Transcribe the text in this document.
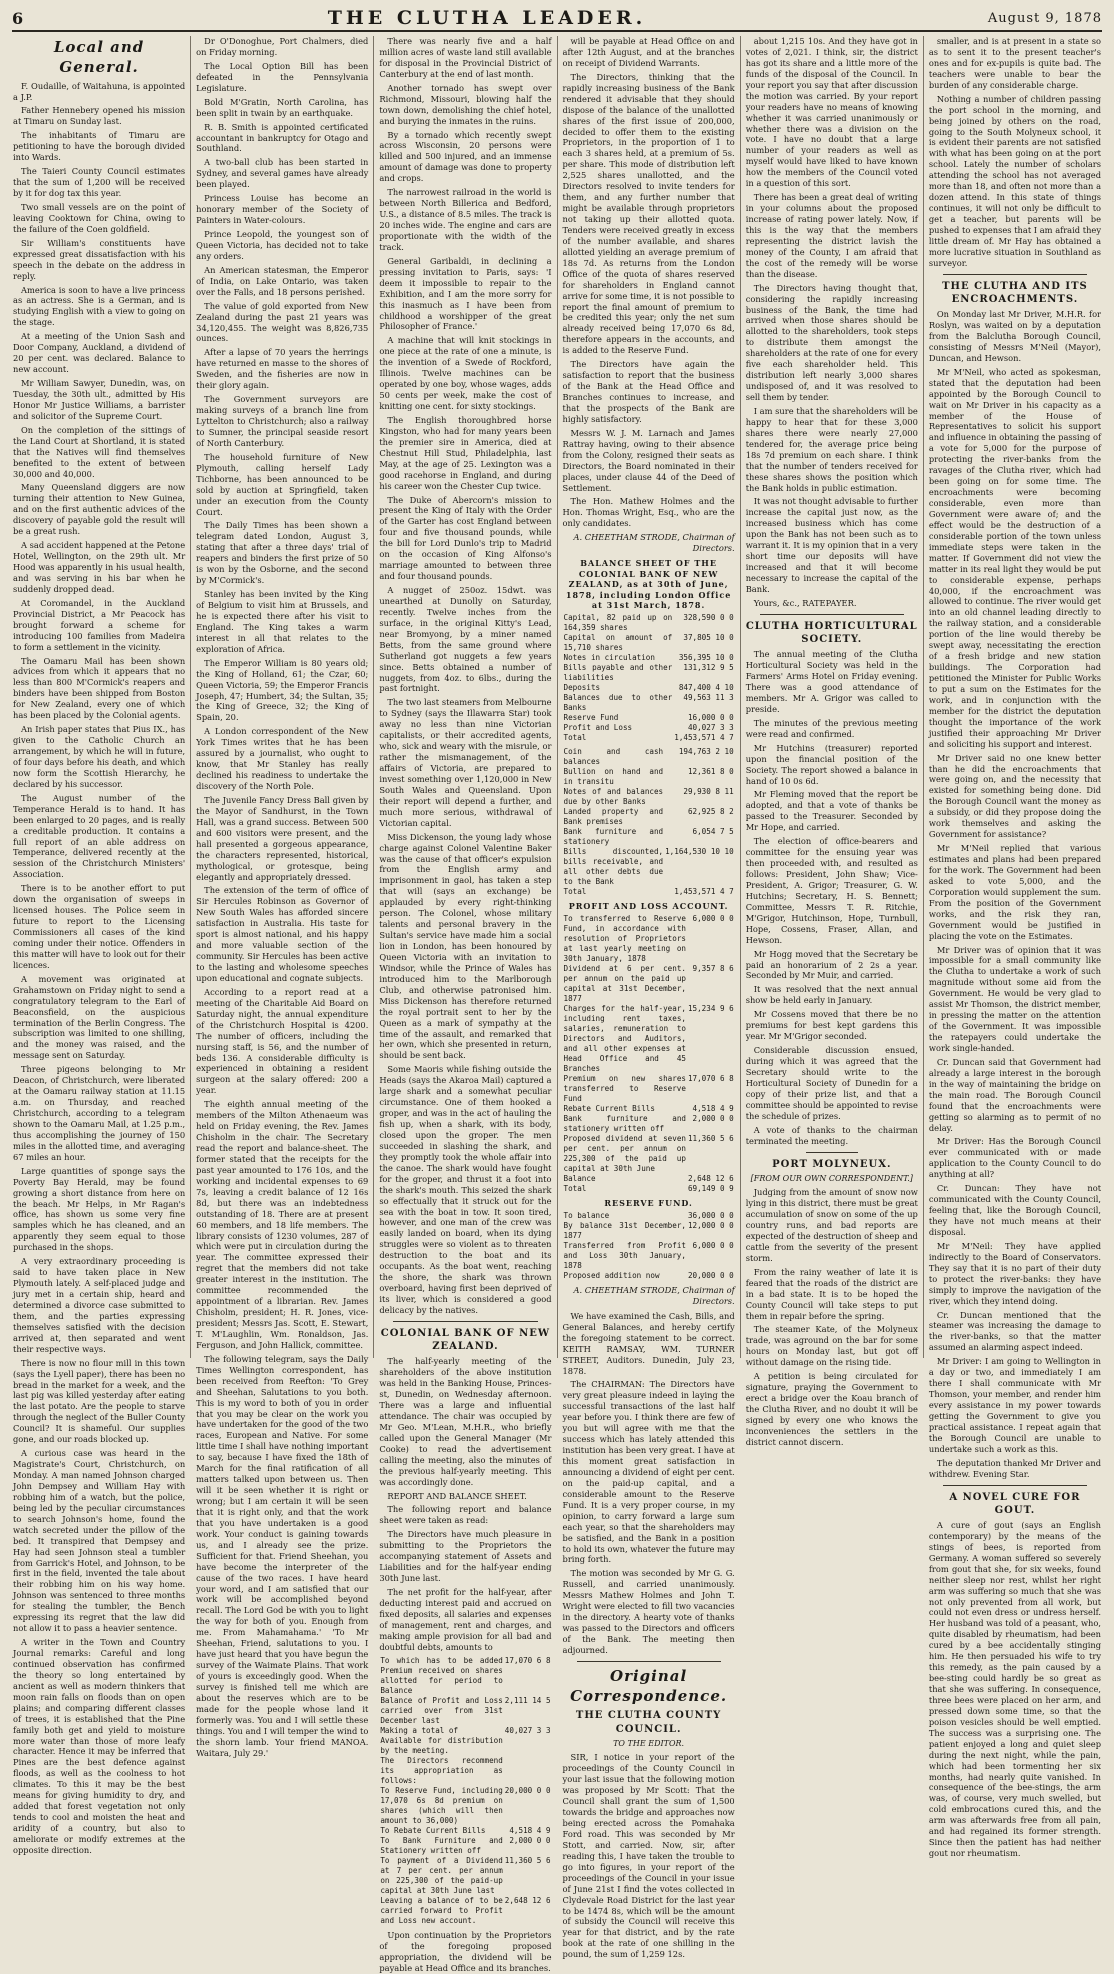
6	THE CLUTHA LEADER.	August 9, 1878
Local and General.

F. Oudaille, of Waitahuna, is appointed a J.P.

Father Hennebery opened his mission at Timaru on Sunday last.

The inhabitants of Timaru are petitioning to have the borough divided into Wards.

The Taieri County Council estimates that the sum of 1,200 will be received by it for dog tax this year.

Two small vessels are on the point of leaving Cooktown for China, owing to the failure of the Coen goldfield.

Sir William's constituents have expressed great dissatisfaction with his speech in the debate on the address in reply.

America is soon to have a live princess as an actress. She is a German, and is studying English with a view to going on the stage.

At a meeting of the Union Sash and Door Company, Auckland, a dividend of 20 per cent. was declared. Balance to new account.

Mr William Sawyer, Dunedin, was, on Tuesday, the 30th ult., admitted by His Honor Mr Justice Williams, a barrister and solicitor of the Supreme Court.

On the completion of the sittings of the Land Court at Shortland, it is stated that the Natives will find themselves benefited to the extent of between 30,000 and 40,000.

Many Queensland diggers are now turning their attention to New Guinea, and on the first authentic advices of the discovery of payable gold the result will be a great rush.

A sad accident happened at the Petone Hotel, Wellington, on the 29th ult. Mr Hood was apparently in his usual health, and was serving in his bar when he suddenly dropped dead.

At Coromandel, in the Auckland Provincial District, a Mr Peacock has brought forward a scheme for introducing 100 families from Madeira to form a settlement in the vicinity.

The Oamaru Mail has been shown advices from which it appears that no less than 800 M'Cormick's reapers and binders have been shipped from Boston for New Zealand, every one of which has been placed by the Colonial agents.

An Irish paper states that Pius IX., has given to the Catholic Church an arrangement, by which he will in future, of four days before his death, and which now form the Scottish Hierarchy, he declared by his successor.

The August number of the Temperance Herald is to hand. It has been enlarged to 20 pages, and is really a creditable production. It contains a full report of an able address on Temperance, delivered recently at the session of the Christchurch Ministers' Association.

There is to be another effort to put down the organisation of sweeps in licensed houses. The Police seem in future to report to the Licensing Commissioners all cases of the kind coming under their notice. Offenders in this matter will have to look out for their licences.

A movement was originated at Grahamstown on Friday night to send a congratulatory telegram to the Earl of Beaconsfield, on the auspicious termination of the Berlin Congress. The subscription was limited to one shilling, and the money was raised, and the message sent on Saturday.

Three pigeons belonging to Mr Deacon, of Christchurch, were liberated at the Oamaru railway station at 11.15 a.m. on Thursday, and reached Christchurch, according to a telegram shown to the Oamaru Mail, at 1.25 p.m., thus accomplishing the journey of 150 miles in the allotted time, and averaging 67 miles an hour.

Large quantities of sponge says the Poverty Bay Herald, may be found growing a short distance from here on the beach. Mr Helps, in Mr Ragan's office, has shown us some very fine samples which he has cleaned, and an apparently they seem equal to those purchased in the shops.

A very extraordinary proceeding is said to have taken place in New Plymouth lately. A self-placed judge and jury met in a certain ship, heard and determined a divorce case submitted to them, and the parties expressing themselves satisfied with the decision arrived at, then separated and went their respective ways.

There is now no flour mill in this town (says the Lyell paper), there has been no bread in the market for a week, and the last pig was killed yesterday after eating the last potato. Are the people to starve through the neglect of the Buller County Council? It is shameful. Our supplies gone, and our roads blocked up.

A curious case was heard in the Magistrate's Court, Christchurch, on Monday. A man named Johnson charged John Dempsey and William Hay with robbing him of a watch, but the police, being led by the peculiar circumstances to search Johnson's home, found the watch secreted under the pillow of the bed. It transpired that Dempsey and Hay had seen Johnson steal a tumbler from Garrick's Hotel, and Johnson, to be first in the field, invented the tale about their robbing him on his way home. Johnson was sentenced to three months for stealing the tumbler, the Bench expressing its regret that the law did not allow it to pass a heavier sentence.

A writer in the Town and Country Journal remarks: Careful and long continued observation has confirmed the theory so long entertained by ancient as well as modern thinkers that moon rain falls on floods than on open plains; and comparing different classes of trees, it is established that the Pine family both get and yield to moisture more water than those of more leafy character. Hence it may be inferred that Pines are the best defence against floods, as well as the coolness to hot climates. To this it may be the best means for giving humidity to dry, and added that forest vegetation not only tends to cool and moisten the heat and aridity of a country, but also to ameliorate or modify extremes at the opposite direction.

Dr O'Donoghue, Port Chalmers, died on Friday morning.

The Local Option Bill has been defeated in the Pennsylvania Legislature.

Bold M'Gratin, North Carolina, has been split in twain by an earthquake.

R. B. Smith is appointed certificated accountant in bankruptcy for Otago and Southland.

A two-ball club has been started in Sydney, and several games have already been played.

Princess Louise has become an honorary member of the Society of Painters in Water-colours.

Prince Leopold, the youngest son of Queen Victoria, has decided not to take any orders.

An American statesman, the Emperor of India, on Lake Ontario, was taken over the Falls, and 18 persons perished.

The value of gold exported from New Zealand during the past 21 years was 34,120,455. The weight was 8,826,735 ounces.

After a lapse of 70 years the herrings have returned en masse to the shores of Sweden, and the fisheries are now in their glory again.

The Government surveyors are making surveys of a branch line from Lyttelton to Christchurch; also a railway to Sumner, the principal seaside resort of North Canterbury.

The household furniture of New Plymouth, calling herself Lady Tichborne, has been announced to be sold by auction at Springfield, taken under an execution from the County Court.

The Daily Times has been shown a telegram dated London, August 3, stating that after a three days' trial of reapers and binders the first prize of 50 is won by the Osborne, and the second by M'Cormick's.

Stanley has been invited by the King of Belgium to visit him at Brussels, and he is expected there after his visit to England. The King takes a warm interest in all that relates to the exploration of Africa.

The Emperor William is 80 years old; the King of Holland, 61; the Czar, 60; Queen Victoria, 59; the Emperor Francis Joseph, 47; Humbert, 34; the Sultan, 35; the King of Greece, 32; the King of Spain, 20.

A London correspondent of the New York Times writes that he has been assured by a journalist, who ought to know, that Mr Stanley has really declined his readiness to undertake the discovery of the North Pole.

The Juvenile Fancy Dress Ball given by the Mayor of Sandhurst, in the Town Hall, was a grand success. Between 500 and 600 visitors were present, and the hall presented a gorgeous appearance, the characters represented, historical, mythological, or grotesque, being elegantly and appropriately dressed.

The extension of the term of office of Sir Hercules Robinson as Governor of New South Wales has afforded sincere satisfaction in Australia. His taste for sport is almost national, and his happy and more valuable section of the community. Sir Hercules has been active to the lasting and wholesome speeches upon educational and cognate subjects.

According to a report read at a meeting of the Charitable Aid Board on Saturday night, the annual expenditure of the Christchurch Hospital is 4200. The number of officers, including the nursing staff, is 56, and the number of beds 136. A considerable difficulty is experienced in obtaining a resident surgeon at the salary offered: 200 a year.

The eighth annual meeting of the members of the Milton Athenaeum was held on Friday evening, the Rev. James Chisholm in the chair. The Secretary read the report and balance-sheet. The former stated that the receipts for the past year amounted to 176 10s, and the working and incidental expenses to 69 7s, leaving a credit balance of 12 16s 8d, but there was an indebtedness outstanding of 18. There are at present 60 members, and 18 life members. The library consists of 1230 volumes, 287 of which were put in circulation during the year. The committee expressed their regret that the members did not take greater interest in the institution. The committee recommended the appointment of a librarian. Rev. James Chisholm, president; H. R. Jones, vice-president; Messrs Jas. Scott, E. Stewart, T. M'Laughlin, Wm. Ronaldson, Jas. Ferguson, and John Hallick, committee.

The following telegram, says the Daily Times Wellington correspondent, has been received from Reefton: 'To Grey and Sheehan, Salutations to you both. This is my word to both of you in order that you may be clear on the work you have undertaken for the good of the two races, European and Native. For some little time I shall have nothing important to say, because I have fixed the 18th of March for the final ratification of all matters talked upon between us. Then will it be seen whether it is right or wrong; but I am certain it will be seen that it is right only, and that the work that you have undertaken is a good work. Your conduct is gaining towards us, and I already see the prize. Sufficient for that. Friend Sheehan, you have become the interpreter of the cause of the two races. I have heard your word, and I am satisfied that our work will be accomplished beyond recall. The Lord God be with you to light the way for both of you. Enough from me. From Mahamahama.' 'To Mr Sheehan, Friend, salutations to you. I have just heard that you have begun the survey of the Waimate Plains. That work of yours is exceedingly good. When the survey is finished tell me which are about the reserves which are to be made for the people whose land it formerly was. You and I will settle these things. You and I will temper the wind to the shorn lamb. Your friend MANOA. Waitara, July 29.'

There was nearly five and a half million acres of waste land still available for disposal in the Provincial District of Canterbury at the end of last month.

Another tornado has swept over Richmond, Missouri, blowing half the town down, demolishing the chief hotel, and burying the inmates in the ruins.

By a tornado which recently swept across Wisconsin, 20 persons were killed and 500 injured, and an immense amount of damage was done to property and crops.

The narrowest railroad in the world is between North Billerica and Bedford, U.S., a distance of 8.5 miles. The track is 20 inches wide. The engine and cars are proportionate with the width of the track.

General Garibaldi, in declining a pressing invitation to Paris, says: 'I deem it impossible to repair to the Exhibition, and I am the more sorry for this inasmuch as I have been from childhood a worshipper of the great Philosopher of France.'

A machine that will knit stockings in one piece at the rate of one a minute, is the invention of a Swede of Rockford, Illinois. Twelve machines can be operated by one boy, whose wages, adds 50 cents per week, make the cost of knitting one cent. for sixty stockings.

The English thoroughbred horse Kingston, who had for many years been the premier sire in America, died at Chestnut Hill Stud, Philadelphia, last May, at the age of 25. Lexington was a good racehorse in England, and during his career won the Chester Cup twice.

The Duke of Abercorn's mission to present the King of Italy with the Order of the Garter has cost England between four and five thousand pounds, while the bill for Lord Dunlo's trip to Madrid on the occasion of King Alfonso's marriage amounted to between three and four thousand pounds.

A nugget of 250oz. 15dwt. was unearthed at Dunolly on Saturday, recently. Twelve inches from the surface, in the original Kitty's Lead, near Bromyong, by a miner named Betts, from the same ground where Sutherland got nuggets a few years since. Betts obtained a number of nuggets, from 4oz. to 6lbs., during the past fortnight.

The two last steamers from Melbourne to Sydney (says the Illawarra Star) took away no less than nine Victorian capitalists, or their accredited agents, who, sick and weary with the misrule, or rather the mismanagement, of the affairs of Victoria, are prepared to invest something over 1,120,000 in New South Wales and Queensland. Upon their report will depend a further, and much more serious, withdrawal of Victorian capital.

Miss Dickenson, the young lady whose charge against Colonel Valentine Baker was the cause of that officer's expulsion from the English army and imprisonment in gaol, has taken a step that will (says an exchange) be applauded by every right-thinking person. The Colonel, whose military talents and personal bravery in the Sultan's service have made him a social lion in London, has been honoured by Queen Victoria with an invitation to Windsor, while the Prince of Wales has introduced him to the Marlborough Club, and otherwise patronised him. Miss Dickenson has therefore returned the royal portrait sent to her by the Queen as a mark of sympathy at the time of the assault, and remarked that her own, which she presented in return, should be sent back.

Some Maoris while fishing outside the Heads (says the Akaroa Mail) captured a large shark and a somewhat peculiar circumstance. One of them hooked a groper, and was in the act of hauling the fish up, when a shark, with its body, closed upon the groper. The men succeeded in slashing the shark, and they promptly took the whole affair into the canoe. The shark would have fought for the groper, and thrust it a foot into the shark's mouth. This seized the shark so effectually that it struck out for the sea with the boat in tow. It soon tired, however, and one man of the crew was easily landed on board, when its dying struggles were so violent as to threaten destruction to the boat and its occupants. As the boat went, reaching the shore, the shark was thrown overboard, having first been deprived of its liver, which is considered a good delicacy by the natives.

COLONIAL BANK OF NEW ZEALAND.

The half-yearly meeting of the shareholders of the above institution was held in the Banking House, Princes-st, Dunedin, on Wednesday afternoon. There was a large and influential attendance. The chair was occupied by Mr Geo. M'Lean, M.H.R., who briefly called upon the General Manager (Mr Cooke) to read the advertisement calling the meeting, also the minutes of the previous half-yearly meeting. This was accordingly done.

REPORT AND BALANCE SHEET.

The following report and balance sheet were taken as read:

The Directors have much pleasure in submitting to the Proprietors the accompanying statement of Assets and Liabilities and for the half-year ending 30th June last.

The net profit for the half-year, after deducting interest paid and accrued on fixed deposits, all salaries and expenses of management, rent and charges, and making ample provision for all bad and doubtful debts, amounts to

To which has to be added Premium received on shares allotted for period to Balance	17,070 6 8
Balance of Profit and Loss carried over from 31st December last	2,111 14 5
Making a total of	40,027 3 3
Available for distribution by the meeting.	
The Directors recommend its appropriation as follows:	
To Reserve Fund, including 17,070 6s 8d premium on shares (which will then amount to 36,000)	20,000 0 0
To Rebate Current Bills	4,518 4 9
To Bank Furniture and Stationery written off	2,000 0 0
To payment of a Dividend at 7 per cent. per annum on 225,300 of the paid-up capital at 30th June last	11,360 5 6
Leaving a balance of to be carried forward to Profit and Loss new account.	2,648 12 6

Upon continuation by the Proprietors of the foregoing proposed appropriation, the dividend will be payable at Head Office and its branches.

will be payable at Head Office on and after 12th August, and at the branches on receipt of Dividend Warrants.

The Directors, thinking that the rapidly increasing business of the Bank rendered it advisable that they should dispose of the balance of the unallotted shares of the first issue of 200,000, decided to offer them to the existing Proprietors, in the proportion of 1 to each 3 shares held, at a premium of 5s. per share. This mode of distribution left 2,525 shares unallotted, and the Directors resolved to invite tenders for them, and any further number that might be available through proprietors not taking up their allotted quota. Tenders were received greatly in excess of the number available, and shares allotted yielding an average premium of 18s 7d. As returns from the London Office of the quota of shares reserved for shareholders in England cannot arrive for some time, it is not possible to report the final amount of premium to be credited this year; only the net sum already received being 17,070 6s 8d, therefore appears in the accounts, and is added to the Reserve Fund.

The Directors have again the satisfaction to report that the business of the Bank at the Head Office and Branches continues to increase, and that the prospects of the Bank are highly satisfactory.

Messrs W. J. M. Larnach and James Rattray having, owing to their absence from the Colony, resigned their seats as Directors, the Board nominated in their places, under clause 44 of the Deed of Settlement.

The Hon. Mathew Holmes and the Hon. Thomas Wright, Esq., who are the only candidates.

A. CHEETHAM STRODE, Chairman of Directors.
BALANCE SHEET OF THE COLONIAL BANK OF NEW ZEALAND, as at 30th of June, 1878, including London Office at 31st March, 1878.
Capital, 82 paid up on 164,359 shares	328,590 0 0
Capital on amount of 15,710 shares	37,805 10 0
Notes in circulation	356,395 10 0
Bills payable and other liabilities	131,312 9 5
Deposits	847,400 4 10
Balances due to other Banks	49,563 11 3
Reserve Fund	16,000 0 0
Profit and Loss	40,027 3 3
Total	1,453,571 4 7
Coin and cash balances	194,763 2 10
Bullion on hand and in transitu	12,361 8 0
Notes of and balances due by other Banks	29,930 8 11
Landed property and Bank premises	62,925 8 2
Bank furniture and stationery	6,054 7 5
Bills discounted, bills receivable, and all other debts due to the Bank	1,164,530 10 10
Total	1,453,571 4 7
PROFIT AND LOSS ACCOUNT.
To transferred to Reserve Fund, in accordance with resolution of Proprietors at last yearly meeting on 30th January, 1878	6,000 0 0
Dividend at 6 per cent. per annum on the paid up capital at 31st December, 1877	9,357 8 6
Charges for the half-year, including rent taxes, salaries, remuneration to Directors and Auditors, and all other expenses at Head Office and 45 Branches	15,234 9 6
Premium on new shares transferred to Reserve Fund	17,070 6 8
Rebate Current Bills	4,518 4 9
Bank furniture and stationery written off	2,000 0 0
Proposed dividend at seven per cent. per annum on 225,300 of the paid up capital at 30th June	11,360 5 6
Balance	2,648 12 6
Total	69,149 0 9
RESERVE FUND.
To balance	36,000 0 0
By balance 31st December, 1877	12,000 0 0
Transferred from Profit and Loss 30th January, 1878	6,000 0 0
Proposed addition now	20,000 0 0
A. CHEETHAM STRODE, Chairman of Directors.

We have examined the Cash, Bills, and General Balances, and hereby certify the foregoing statement to be correct. KEITH RAMSAY, WM. TURNER STREET, Auditors. Dunedin, July 23, 1878.

The CHAIRMAN: The Directors have very great pleasure indeed in laying the successful transactions of the last half year before you. I think there are few of you but will agree with me that the success which has lately attended this institution has been very great. I have at this moment great satisfaction in announcing a dividend of eight per cent. on the paid-up capital, and a considerable amount to the Reserve Fund. It is a very proper course, in my opinion, to carry forward a large sum each year, so that the shareholders may be satisfied, and the Bank in a position to hold its own, whatever the future may bring forth.

The motion was seconded by Mr G. G. Russell, and carried unanimously. Messrs Mathew Holmes and John T. Wright were elected to fill two vacancies in the directory. A hearty vote of thanks was passed to the Directors and officers of the Bank. The meeting then adjourned.

Original Correspondence.
THE CLUTHA COUNTY COUNCIL.
TO THE EDITOR.

SIR, I notice in your report of the proceedings of the County Council in your last issue that the following motion was proposed by Mr Scott: That the Council shall grant the sum of 1,500 towards the bridge and approaches now being erected across the Pomahaka Ford road. This was seconded by Mr Stott, and carried. Now, sir, after reading this, I have taken the trouble to go into figures, in your report of the proceedings of the Council in your issue of June 21st I find the votes collected in Clydevale Road District for the last year to be 1474 8s, which will be the amount of subsidy the Council will receive this year for that district, and by the rate book at the rate of one shilling in the pound, the sum of 1,259 12s.

about 1,215 10s. And they have got in votes of 2,021. I think, sir, the district has got its share and a little more of the funds of the disposal of the Council. In your report you say that after discussion the motion was carried. By your report your readers have no means of knowing whether it was carried unanimously or whether there was a division on the vote. I have no doubt that a large number of your readers as well as myself would have liked to have known how the members of the Council voted in a question of this sort.

There has been a great deal of writing in your columns about the proposed increase of rating power lately. Now, if this is the way that the members representing the district lavish the money of the County, I am afraid that the cost of the remedy will be worse than the disease.

The Directors having thought that, considering the rapidly increasing business of the Bank, the time had arrived when those shares should be allotted to the shareholders, took steps to distribute them amongst the shareholders at the rate of one for every five each shareholder held. This distribution left nearly 3,000 shares undisposed of, and it was resolved to sell them by tender.

I am sure that the shareholders will be happy to hear that for these 3,000 shares there were nearly 27,000 tendered for, the average price being 18s 7d premium on each share. I think that the number of tenders received for these shares shows the position which the Bank holds in public estimation.

It was not thought advisable to further increase the capital just now, as the increased business which has come upon the Bank has not been such as to warrant it. It is my opinion that in a very short time our deposits will have increased and that it will become necessary to increase the capital of the Bank.

Yours, &c., RATEPAYER.

CLUTHA HORTICULTURAL SOCIETY.

The annual meeting of the Clutha Horticultural Society was held in the Farmers' Arms Hotel on Friday evening. There was a good attendance of members. Mr A. Grigor was called to preside.

The minutes of the previous meeting were read and confirmed.

Mr Hutchins (treasurer) reported upon the financial position of the Society. The report showed a balance in hand of 10 0s 6d.

Mr Fleming moved that the report be adopted, and that a vote of thanks be passed to the Treasurer. Seconded by Mr Hope, and carried.

The election of office-bearers and committee for the ensuing year was then proceeded with, and resulted as follows: President, John Shaw; Vice-President, A. Grigor; Treasurer, G. W. Hutchins; Secretary, H. S. Bennett; Committee, Messrs T. R. Ritchie, M'Grigor, Hutchinson, Hope, Turnbull, Hope, Cossens, Fraser, Allan, and Hewson.

Mr Hogg moved that the Secretary be paid an honorarium of 2 2s a year. Seconded by Mr Muir, and carried.

It was resolved that the next annual show be held early in January.

Mr Cossens moved that there be no premiums for best kept gardens this year. Mr M'Grigor seconded.

Considerable discussion ensued, during which it was agreed that the Secretary should write to the Horticultural Society of Dunedin for a copy of their prize list, and that a committee should be appointed to revise the schedule of prizes.

A vote of thanks to the chairman terminated the meeting.

PORT MOLYNEUX.
[FROM OUR OWN CORRESPONDENT.]

Judging from the amount of snow now lying in this district, there must be great accumulation of snow on some of the up country runs, and bad reports are expected of the destruction of sheep and cattle from the severity of the present storm.

From the rainy weather of late it is feared that the roads of the district are in a bad state. It is to be hoped the County Council will take steps to put them in repair before the spring.

The steamer Kate, of the Molyneux trade, was aground on the bar for some hours on Monday last, but got off without damage on the rising tide.

A petition is being circulated for signature, praying the Government to erect a bridge over the Koau branch of the Clutha River, and no doubt it will be signed by every one who knows the inconveniences the settlers in the district cannot discern.

smaller, and is at present in a state so as to sent it to the present teacher's ones and for ex-pupils is quite bad. The teachers were unable to bear the burden of any considerable charge.

Nothing a number of children passing the port school in the morning, and being joined by others on the road, going to the South Molyneux school, it is evident their parents are not satisfied with what has been going on at the port school. Lately the number of scholars attending the school has not averaged more than 18, and often not more than a dozen attend. In this state of things continues, it will not only be difficult to get a teacher, but parents will be pushed to expenses that I am afraid they little dream of. Mr Hay has obtained a more lucrative situation in Southland as surveyor.

THE CLUTHA AND ITS ENCROACHMENTS.

On Monday last Mr Driver, M.H.R. for Roslyn, was waited on by a deputation from the Balclutha Borough Council, consisting of Messrs M'Neil (Mayor), Duncan, and Hewson.

Mr M'Neil, who acted as spokesman, stated that the deputation had been appointed by the Borough Council to wait on Mr Driver in his capacity as a member of the House of Representatives to solicit his support and influence in obtaining the passing of a vote for 5,000 for the purpose of protecting the river-banks from the ravages of the Clutha river, which had been going on for some time. The encroachments were becoming considerable, even more than Government were aware of; and the effect would be the destruction of a considerable portion of the town unless immediate steps were taken in the matter. If Government did not view the matter in its real light they would be put to considerable expense, perhaps 40,000, if the encroachment was allowed to continue. The river would get into an old channel leading directly to the railway station, and a considerable portion of the line would thereby be swept away, necessitating the erection of a fresh bridge and new station buildings. The Corporation had petitioned the Minister for Public Works to put a sum on the Estimates for the work, and in conjunction with the member for the district the deputation thought the importance of the work justified their approaching Mr Driver and soliciting his support and interest.

Mr Driver said no one knew better than he did the encroachments that were going on, and the necessity that existed for something being done. Did the Borough Council want the money as a subsidy, or did they propose doing the work themselves and asking the Government for assistance?

Mr M'Neil replied that various estimates and plans had been prepared for the work. The Government had been asked to vote 5,000, and the Corporation would supplement the sum. From the position of the Government works, and the risk they ran, Government would be justified in placing the vote on the Estimates.

Mr Driver was of opinion that it was impossible for a small community like the Clutha to undertake a work of such magnitude without some aid from the Government. He would be very glad to assist Mr Thomson, the district member, in pressing the matter on the attention of the Government. It was impossible the ratepayers could undertake the work single-handed.

Cr. Duncan said that Government had already a large interest in the borough in the way of maintaining the bridge on the main road. The Borough Council found that the encroachments were getting so alarming as to permit of no delay.

Mr Driver: Has the Borough Council ever communicated with or made application to the County Council to do anything at all?

Cr. Duncan: They have not communicated with the County Council, feeling that, like the Borough Council, they have not much means at their disposal.

Mr M'Neil: They have applied indirectly to the Board of Conservators. They say that it is no part of their duty to protect the river-banks: they have simply to improve the navigation of the river, which they intend doing.

Cr. Duncan mentioned that the steamer was increasing the damage to the river-banks, so that the matter assumed an alarming aspect indeed.

Mr Driver: I am going to Wellington in a day or two, and immediately I am there I shall communicate with Mr Thomson, your member, and render him every assistance in my power towards getting the Government to give you practical assistance. I repeat again that the Borough Council are unable to undertake such a work as this.

The deputation thanked Mr Driver and withdrew. Evening Star.

A NOVEL CURE FOR GOUT.

A cure of gout (says an English contemporary) by the means of the stings of bees, is reported from Germany. A woman suffered so severely from gout that she, for six weeks, found neither sleep nor rest, whilst her right arm was suffering so much that she was not only prevented from all work, but could not even dress or undress herself. Her husband was told of a peasant, who, quite disabled by rheumatism, had been cured by a bee accidentally stinging him. He then persuaded his wife to try this remedy, as the pain caused by a bee-sting could hardly be so great as that she was suffering. In consequence, three bees were placed on her arm, and pressed down some time, so that the poison vesicles should be well emptied. The success was a surprising one. The patient enjoyed a long and quiet sleep during the next night, while the pain, which had been tormenting her six months, had nearly quite vanished. In consequence of the bee-stings, the arm was, of course, very much swelled, but cold embrocations cured this, and the arm was afterwards free from all pain, and had regained its former strength. Since then the patient has had neither gout nor rheumatism.
